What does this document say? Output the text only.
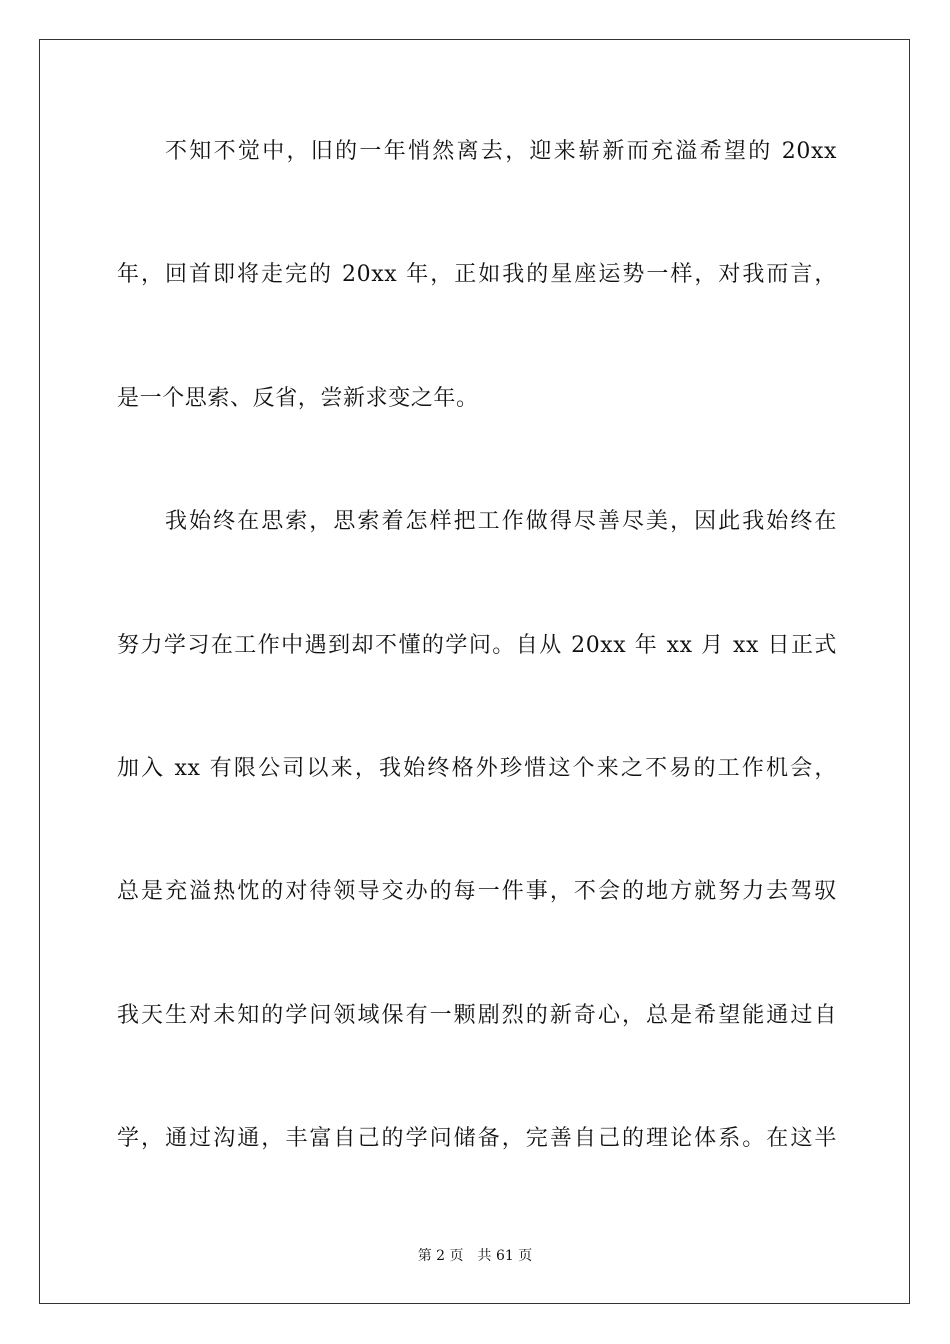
不知不觉中，旧的一年悄然离去，迎来崭新而充溢希望的 20xx
年，回首即将走完的 20xx 年，正如我的星座运势一样，对我而言，
是一个思索、反省，尝新求变之年。
我始终在思索，思索着怎样把工作做得尽善尽美，因此我始终在
努力学习在工作中遇到却不懂的学问。自从 20xx 年 xx 月 xx 日正式
加入 xx 有限公司以来，我始终格外珍惜这个来之不易的工作机会，
总是充溢热忱的对待领导交办的每一件事，不会的地方就努力去驾驭
我天生对未知的学问领域保有一颗剧烈的新奇心，总是希望能通过自
学，通过沟通，丰富自己的学问储备，完善自己的理论体系。在这半
第 2 页 共 61 页
